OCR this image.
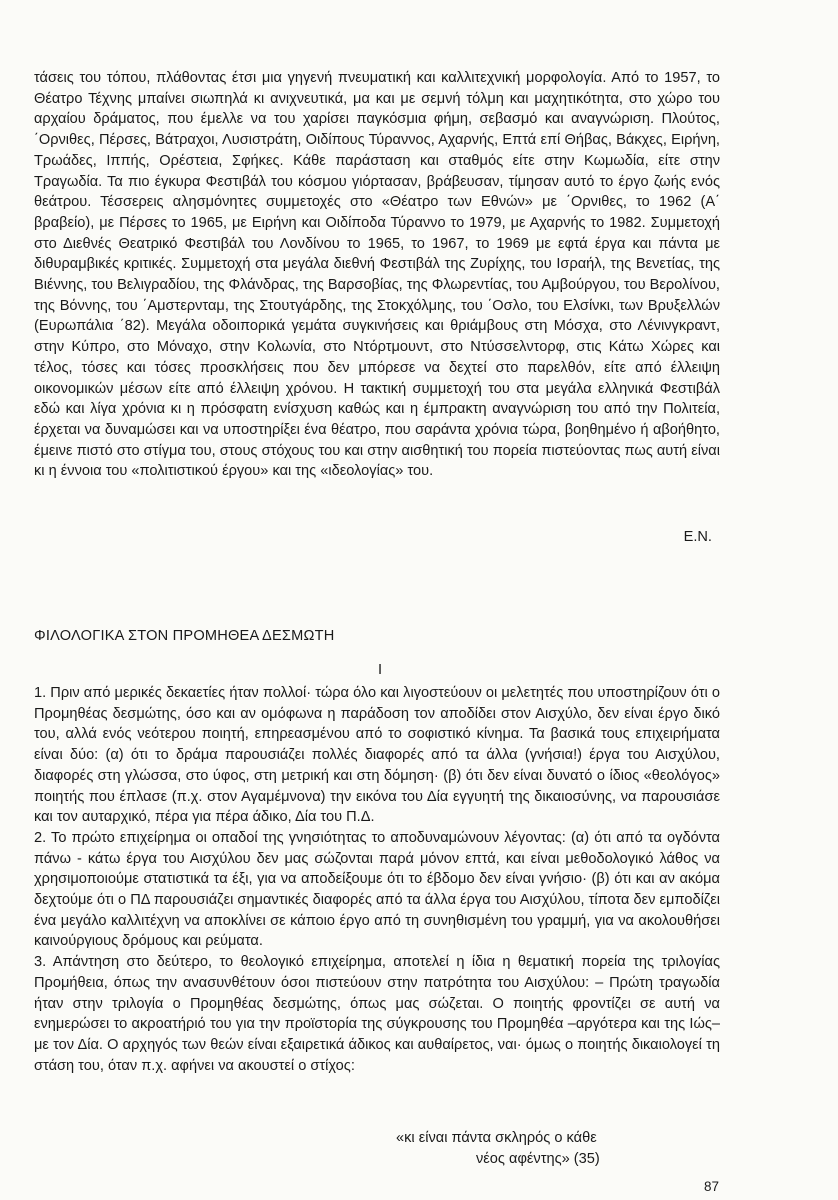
τάσεις του τόπου, πλάθοντας έτσι μια γηγενή πνευματική και καλλιτεχνική μορφολογία. Από το 1957, το Θέατρο Τέχνης μπαίνει σιωπηλά κι ανιχνευτικά, μα και με σεμνή τόλμη και μαχητικότητα, στο χώρο του αρχαίου δράματος, που έμελλε να του χαρίσει παγκόσμια φήμη, σεβασμό και αναγνώριση. Πλούτος, ΄Ορνιθες, Πέρσες, Βάτραχοι, Λυσιστράτη, Οιδίπους Τύραννος, Αχαρνής, Επτά επί Θήβας, Βάκχες, Ειρήνη, Τρωάδες, Ιππής, Ορέστεια, Σφήκες. Κάθε παράσταση και σταθμός είτε στην Κωμωδία, είτε στην Τραγωδία. Τα πιο έγκυρα Φεστιβάλ του κόσμου γιόρτασαν, βράβευσαν, τίμησαν αυτό το έργο ζωής ενός θεάτρου. Τέσσερεις αλησμόνητες συμμετοχές στο «Θέατρο των Εθνών» με ΄Ορνιθες, το 1962 (Α΄ βραβείο), με Πέρσες το 1965, με Ειρήνη και Οιδίποδα Τύραννο το 1979, με Αχαρνής το 1982. Συμμετοχή στο Διεθνές Θεατρικό Φεστιβάλ του Λονδίνου το 1965, το 1967, το 1969 με εφτά έργα και πάντα με διθυραμβικές κριτικές. Συμμετοχή στα μεγάλα διεθνή Φεστιβάλ της Ζυρίχης, του Ισραήλ, της Βενετίας, της Βιέννης, του Βελιγραδίου, της Φλάνδρας, της Βαρσοβίας, της Φλωρεντίας, του Αμβούργου, του Βερολίνου, της Βόννης, του ΄Αμστερνταμ, της Στουτγάρδης, της Στοκχόλμης, του ΄Οσλο, του Ελσίνκι, των Βρυξελλών (Ευρωπάλια ΄82). Μεγάλα οδοιπορικά γεμάτα συγκινήσεις και θριάμβους στη Μόσχα, στο Λένινγκραντ, στην Κύπρο, στο Μόναχο, στην Κολωνία, στο Ντόρτμουντ, στο Ντύσσελντορφ, στις Κάτω Χώρες και τέλος, τόσες και τόσες προσκλήσεις που δεν μπόρεσε να δεχτεί στο παρελθόν, είτε από έλλειψη οικονομικών μέσων είτε από έλλειψη χρόνου. Η τακτική συμμετοχή του στα μεγάλα ελληνικά Φεστιβάλ εδώ και λίγα χρόνια κι η πρόσφατη ενίσχυση καθώς και η έμπρακτη αναγνώριση του από την Πολιτεία, έρχεται να δυναμώσει και να υποστηρίξει ένα θέατρο, που σαράντα χρόνια τώρα, βοηθημένο ή αβοήθητο, έμεινε πιστό στο στίγμα του, στους στόχους του και στην αισθητική του πορεία πιστεύοντας πως αυτή είναι κι η έννοια του «πολιτιστικού έργου» και της «ιδεολογίας» του.

Ε.Ν.
ΦΙΛΟΛΟΓΙΚΑ ΣΤΟΝ ΠΡΟΜΗΘΕΑ ΔΕΣΜΩΤΗ
I

1. Πριν από μερικές δεκαετίες ήταν πολλοί· τώρα όλο και λιγοστεύουν οι μελετητές που υποστηρίζουν ότι ο Προμηθέας δεσμώτης, όσο και αν ομόφωνα η παράδοση τον αποδίδει στον Αισχύλο, δεν είναι έργο δικό του, αλλά ενός νεότερου ποιητή, επηρεασμένου από το σοφιστικό κίνημα. Τα βασικά τους επιχειρήματα είναι δύο: (α) ότι το δράμα παρουσιάζει πολλές διαφορές από τα άλλα (γνήσια!) έργα του Αισχύλου, διαφορές στη γλώσσα, στο ύφος, στη μετρική και στη δόμηση· (β) ότι δεν είναι δυνατό ο ίδιος «θεολόγος» ποιητής που έπλασε (π.χ. στον Αγαμέμνονα) την εικόνα του Δία εγγυητή της δικαιοσύνης, να παρουσιάσε και τον αυταρχικό, πέρα για πέρα άδικο, Δία του Π.Δ.

2. Το πρώτο επιχείρημα οι οπαδοί της γνησιότητας το αποδυναμώνουν λέγοντας: (α) ότι από τα ογδόντα πάνω - κάτω έργα του Αισχύλου δεν μας σώζονται παρά μόνον επτά, και είναι μεθοδολογικό λάθος να χρησιμοποιούμε στατιστικά τα έξι, για να αποδείξουμε ότι το έβδομο δεν είναι γνήσιο· (β) ότι και αν ακόμα δεχτούμε ότι ο ΠΔ παρουσιάζει σημαντικές διαφορές από τα άλλα έργα του Αισχύλου, τίποτα δεν εμποδίζει ένα μεγάλο καλλιτέχνη να αποκλίνει σε κάποιο έργο από τη συνηθισμένη του γραμμή, για να ακολουθήσει καινούργιους δρόμους και ρεύματα.

3. Απάντηση στο δεύτερο, το θεολογικό επιχείρημα, αποτελεί η ίδια η θεματική πορεία της τριλογίας Προμήθεια, όπως την ανασυνθέτουν όσοι πιστεύουν στην πατρότητα του Αισχύλου: – Πρώτη τραγωδία ήταν στην τριλογία ο Προμηθέας δεσμώτης, όπως μας σώζεται. Ο ποιητής φροντίζει σε αυτή να ενημερώσει το ακροατήριό του για την προϊστορία της σύγκρουσης του Προμηθέα –αργότερα και της Ιώς– με τον Δία. Ο αρχηγός των θεών είναι εξαιρετικά άδικος και αυθαίρετος, ναι· όμως ο ποιητής δικαιολογεί τη στάση του, όταν π.χ. αφήνει να ακουστεί ο στίχος:

«κι είναι πάντα σκληρός ο κάθε
νέος αφέντης» (35)
87
